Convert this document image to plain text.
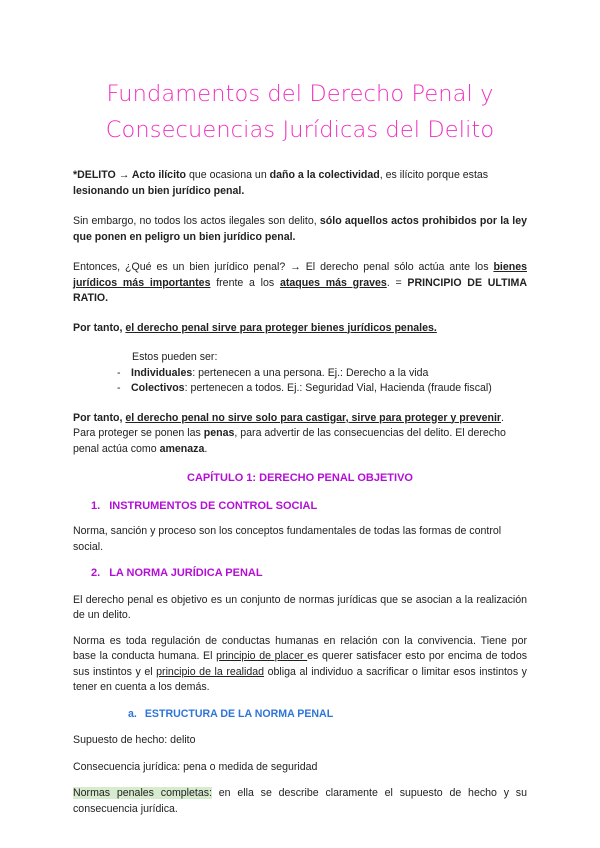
Fundamentos del Derecho Penal y
Consecuencias Jurídicas del Delito

*DELITO → Acto ilícito que ocasiona un daño a la colectividad, es ilícito porque estas lesionando un bien jurídico penal.

Sin embargo, no todos los actos ilegales son delito, sólo aquellos actos prohibidos por la ley que ponen en peligro un bien jurídico penal.

Entonces, ¿Qué es un bien jurídico penal? → El derecho penal sólo actúa ante los bienes jurídicos más importantes frente a los ataques más graves. = PRINCIPIO DE ULTIMA RATIO.

Por tanto, el derecho penal sirve para proteger bienes jurídicos penales.

Estos pueden ser:

- Individuales: pertenecen a una persona. Ej.: Derecho a la vida
- Colectivos: pertenecen a todos. Ej.: Seguridad Vial, Hacienda (fraude fiscal)

Por tanto, el derecho penal no sirve solo para castigar, sirve para proteger y prevenir. Para proteger se ponen las penas, para advertir de las consecuencias del delito. El derecho penal actúa como amenaza.

CAPÍTULO 1: DERECHO PENAL OBJETIVO

1. INSTRUMENTOS DE CONTROL SOCIAL

Norma, sanción y proceso son los conceptos fundamentales de todas las formas de control social.

2. LA NORMA JURÍDICA PENAL

El derecho penal es objetivo es un conjunto de normas jurídicas que se asocian a la realización de un delito.

Norma es toda regulación de conductas humanas en relación con la convivencia. Tiene por base la conducta humana. El principio de placer es querer satisfacer esto por encima de todos sus instintos y el principio de la realidad obliga al individuo a sacrificar o limitar esos instintos y tener en cuenta a los demás.

a. ESTRUCTURA DE LA NORMA PENAL

Supuesto de hecho: delito

Consecuencia jurídica: pena o medida de seguridad

Normas penales completas: en ella se describe claramente el supuesto de hecho y su consecuencia jurídica.
